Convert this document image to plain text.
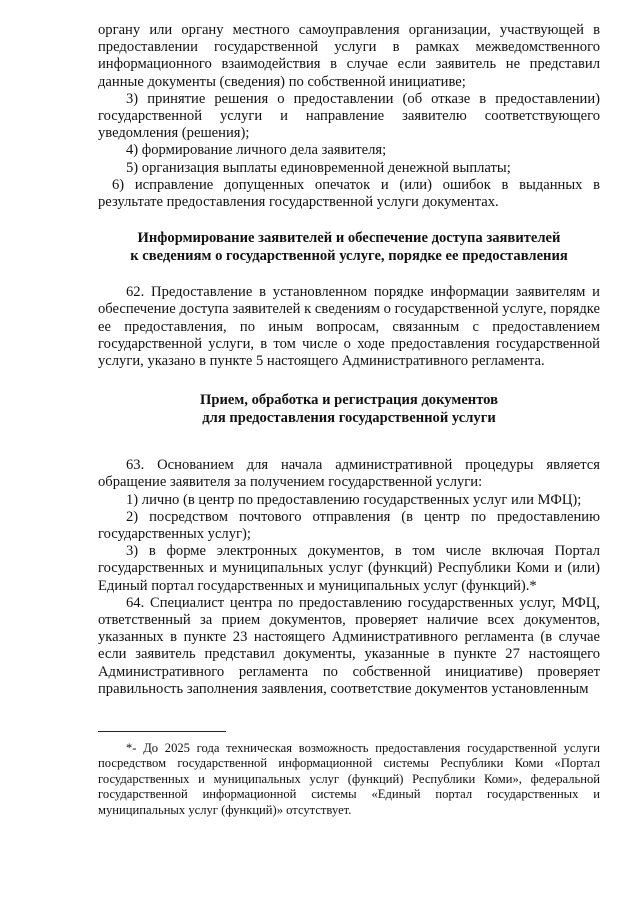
органу или органу местного самоуправления организации, участвующей в предоставлении государственной услуги в рамках межведомственного информационного взаимодействия в случае если заявитель не представил данные документы (сведения) по собственной инициативе;

3) принятие решения о предоставлении (об отказе в предоставлении) государственной услуги и направление заявителю соответствующего уведомления (решения);

4) формирование личного дела заявителя;

5) организация выплаты единовременной денежной выплаты;

6) исправление допущенных опечаток и (или) ошибок в выданных в результате предоставления государственной услуги документах.

Информирование заявителей и обеспечение доступа заявителей

к сведениям о государственной услуге, порядке ее предоставления

62. Предоставление в установленном порядке информации заявителям и обеспечение доступа заявителей к сведениям о государственной услуге, порядке ее предоставления, по иным вопросам, связанным с предоставлением государственной услуги, в том числе о ходе предоставления государственной услуги, указано в пункте 5 настоящего Административного регламента.

Прием, обработка и регистрация документов

для предоставления государственной услуги

63. Основанием для начала административной процедуры является обращение заявителя за получением государственной услуги:

1) лично (в центр по предоставлению государственных услуг или МФЦ);

2) посредством почтового отправления (в центр по предоставлению государственных услуг);

3) в форме электронных документов, в том числе включая Портал государственных и муниципальных услуг (функций) Республики Коми и (или) Единый портал государственных и муниципальных услуг (функций).*

64. Специалист центра по предоставлению государственных услуг, МФЦ, ответственный за прием документов, проверяет наличие всех документов, указанных в пункте 23 настоящего Административного регламента (в случае если заявитель представил документы, указанные в пункте 27 настоящего Административного регламента по собственной инициативе) проверяет правильность заполнения заявления, соответствие документов установленным

*- До 2025 года техническая возможность предоставления государственной услуги посредством государственной информационной системы Республики Коми «Портал государственных и муниципальных услуг (функций) Республики Коми», федеральной государственной информационной системы «Единый портал государственных и муниципальных услуг (функций)» отсутствует.
